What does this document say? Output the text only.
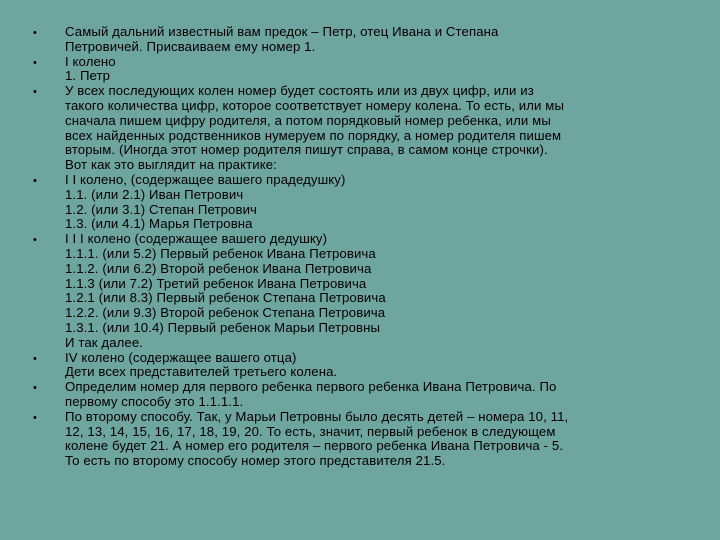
•	Самый дальний известный вам предок – Петр, отец Ивана и Степана
Петровичей. Присваиваем ему номер 1.
•	I колено
1. Петр
•	У всех последующих колен номер будет состоять или из двух цифр, или из
такого количества цифр, которое соответствует номеру колена. То есть, или мы
сначала пишем цифру родителя, а потом порядковый номер ребенка, или мы
всех найденных родственников нумеруем по порядку, а номер родителя пишем
вторым. (Иногда этот номер родителя пишут справа, в самом конце строчки).
Вот как это выглядит на практике:
•	I I колено, (содержащее вашего прадедушку)
1.1. (или 2.1) Иван Петрович
1.2. (или 3.1) Степан Петрович
1.3. (или 4.1) Марья Петровна
•	I I I колено (содержащее вашего дедушку)
1.1.1. (или 5.2) Первый ребенок Ивана Петровича
1.1.2. (или 6.2) Второй ребенок Ивана Петровича
1.1.3 (или 7.2) Третий ребенок Ивана Петровича
1.2.1 (или 8.3) Первый ребенок Степана Петровича
1.2.2. (или 9.3) Второй ребенок Степана Петровича
1.3.1. (или 10.4) Первый ребенок Марьи Петровны
И так далее.
•	IV колено (содержащее вашего отца)
Дети всех представителей третьего колена.
•	Определим номер для первого ребенка первого ребенка Ивана Петровича. По
первому способу это 1.1.1.1.
•	По второму способу. Так, у Марьи Петровны было десять детей – номера 10, 11,
12, 13, 14, 15, 16, 17, 18, 19, 20. То есть, значит, первый ребенок в следующем
колене будет 21. А номер его родителя – первого ребенка Ивана Петровича - 5.
То есть по второму способу номер этого представителя 21.5.
